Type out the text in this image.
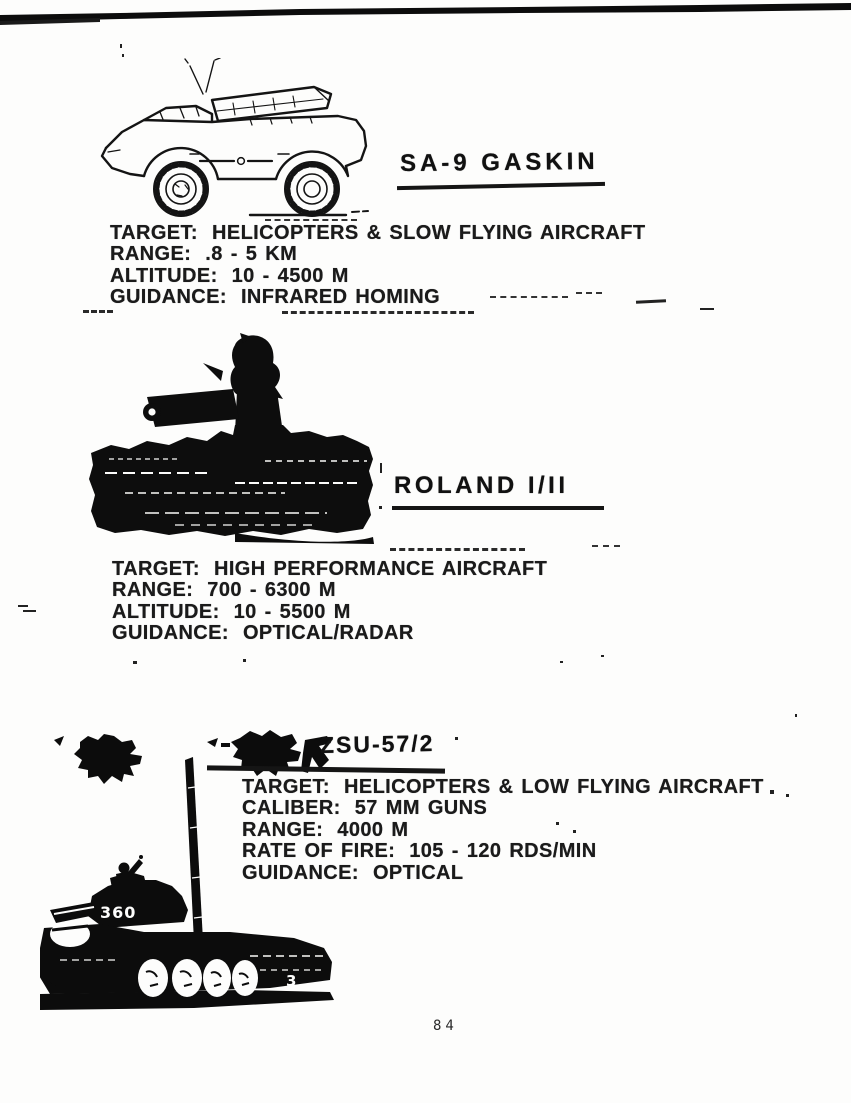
SA-9 GASKIN
TARGET: HELICOPTERS & SLOW FLYING AIRCRAFT
RANGE: .8 - 5 KM
ALTITUDE: 10 - 4500 M
GUIDANCE: INFRARED HOMING
ROLAND I/II
TARGET: HIGH PERFORMANCE AIRCRAFT
RANGE: 700 - 6300 M
ALTITUDE: 10 - 5500 M
GUIDANCE: OPTICAL/RADAR
ZSU-57/2
TARGET: HELICOPTERS & LOW FLYING AIRCRAFT
CALIBER: 57 MM GUNS
RANGE: 4000 M
RATE OF FIRE: 105 - 120 RDS/MIN
GUIDANCE: OPTICAL
360
3
84
